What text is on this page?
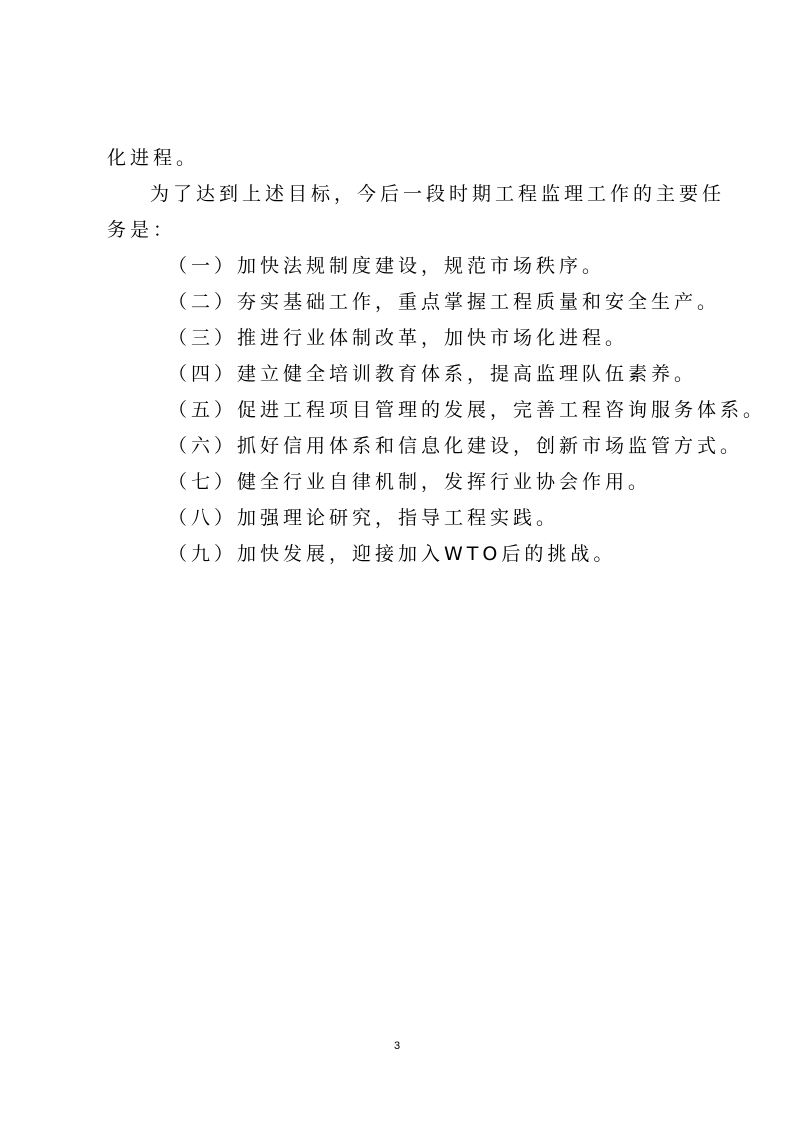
化进程。
为了达到上述目标，今后一段时期工程监理工作的主要任
务是：
（一）加快法规制度建设，规范市场秩序。
（二）夯实基础工作，重点掌握工程质量和安全生产。
（三）推进行业体制改革，加快市场化进程。
（四）建立健全培训教育体系，提高监理队伍素养。
（五）促进工程项目管理的发展，完善工程咨询服务体系。
（六）抓好信用体系和信息化建设，创新市场监管方式。
（七）健全行业自律机制，发挥行业协会作用。
（八）加强理论研究，指导工程实践。
（九）加快发展，迎接加入WTO后的挑战。
3
